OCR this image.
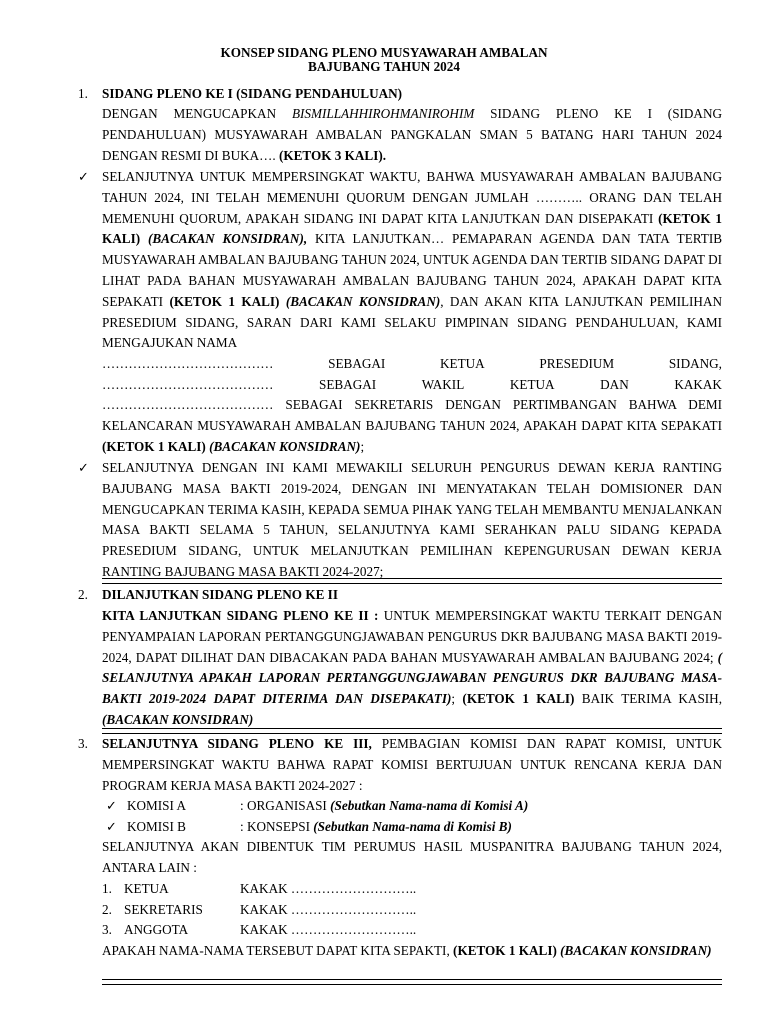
KONSEP SIDANG PLENO MUSYAWARAH AMBALAN
BAJUBANG TAHUN 2024
1. SIDANG PLENO KE I (SIDANG PENDAHULUAN)
DENGAN MENGUCAPKAN BISMILLAHHIROHMANIROHIM SIDANG PLENO KE I (SIDANG PENDAHULUAN) MUSYAWARAH AMBALAN PANGKALAN SMAN 5 BATANG HARI TAHUN 2024 DENGAN RESMI DI BUKA…. (KETOK 3 KALI).
✓ SELANJUTNYA UNTUK MEMPERSINGKAT WAKTU, BAHWA MUSYAWARAH AMBALAN BAJUBANG TAHUN 2024, INI TELAH MEMENUHI QUORUM DENGAN JUMLAH ……….. ORANG DAN TELAH MEMENUHI QUORUM, APAKAH SIDANG INI DAPAT KITA LANJUTKAN DAN DISEPAKATI (KETOK 1 KALI) (BACAKAN KONSIDRAN), KITA LANJUTKAN… PEMAPARAN AGENDA DAN TATA TERTIB MUSYAWARAH AMBALAN BAJUBANG TAHUN 2024, UNTUK AGENDA DAN TERTIB SIDANG DAPAT DI LIHAT PADA BAHAN MUSYAWARAH AMBALAN BAJUBANG TAHUN 2024, APAKAH DAPAT KITA SEPAKATI (KETOK 1 KALI) (BACAKAN KONSIDRAN), DAN AKAN KITA LANJUTKAN PEMILIHAN PRESEDIUM SIDANG, SARAN DARI KAMI SELAKU PIMPINAN SIDANG PENDAHULUAN, KAMI MENGAJUKAN NAMA
…………………………………	SEBAGAI	KETUA	PRESEDIUM	SIDANG,
…………………………………	SEBAGAI	WAKIL	KETUA	DAN	KAKAK
………………………………… SEBAGAI SEKRETARIS DENGAN PERTIMBANGAN BAHWA DEMI KELANCARAN MUSYAWARAH AMBALAN BAJUBANG TAHUN 2024, APAKAH DAPAT KITA SEPAKATI (KETOK 1 KALI) (BACAKAN KONSIDRAN);
✓ SELANJUTNYA DENGAN INI KAMI MEWAKILI SELURUH PENGURUS DEWAN KERJA RANTING BAJUBANG MASA BAKTI 2019-2024, DENGAN INI MENYATAKAN TELAH DOMISIONER DAN MENGUCAPKAN TERIMA KASIH, KEPADA SEMUA PIHAK YANG TELAH MEMBANTU MENJALANKAN MASA BAKTI SELAMA 5 TAHUN, SELANJUTNYA KAMI SERAHKAN PALU SIDANG KEPADA PRESEDIUM SIDANG, UNTUK MELANJUTKAN PEMILIHAN KEPENGURUSAN DEWAN KERJA RANTING BAJUBANG MASA BAKTI 2024-2027;
2. DILANJUTKAN SIDANG PLENO KE II
KITA LANJUTKAN SIDANG PLENO KE II : UNTUK MEMPERSINGKAT WAKTU TERKAIT DENGAN PENYAMPAIAN LAPORAN PERTANGGUNGJAWABAN PENGURUS DKR BAJUBANG MASA BAKTI 2019-2024, DAPAT DILIHAT DAN DIBACAKAN PADA BAHAN MUSYAWARAH AMBALAN BAJUBANG 2024; ( SELANJUTNYA APAKAH LAPORAN PERTANGGUNGJAWABAN PENGURUS DKR BAJUBANG MASA-BAKTI 2019-2024 DAPAT DITERIMA DAN DISEPAKATI); (KETOK 1 KALI) BAIK TERIMA KASIH, (BACAKAN KONSIDRAN)
3. SELANJUTNYA SIDANG PLENO KE III, PEMBAGIAN KOMISI DAN RAPAT KOMISI, UNTUK MEMPERSINGKAT WAKTU BAHWA RAPAT KOMISI BERTUJUAN UNTUK RENCANA KERJA DAN PROGRAM KERJA MASA BAKTI 2024-2027 :
✓ KOMISI A	: ORGANISASI (Sebutkan Nama-nama di Komisi A)
✓ KOMISI B	: KONSEPSI (Sebutkan Nama-nama di Komisi B)
SELANJUTNYA AKAN DIBENTUK TIM PERUMUS HASIL MUSPANITRA BAJUBANG TAHUN 2024, ANTARA LAIN :
1. KETUA	KAKAK ………………………..
2. SEKRETARIS	KAKAK ………………………..
3. ANGGOTA	KAKAK ………………………..
APAKAH NAMA-NAMA TERSEBUT DAPAT KITA SEPAKTI, (KETOK 1 KALI) (BACAKAN KONSIDRAN)
